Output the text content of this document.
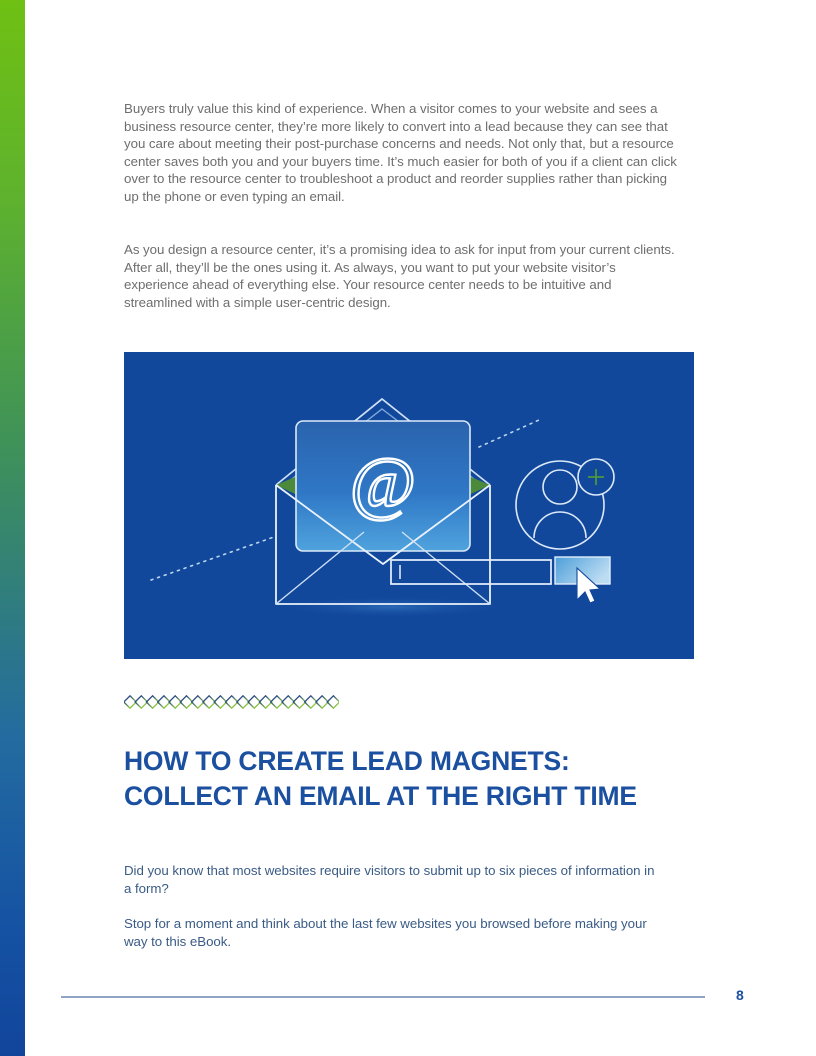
Buyers truly value this kind of experience. When a visitor comes to your website and sees a business resource center, they’re more likely to convert into a lead because they can see that you care about meeting their post-purchase concerns and needs. Not only that, but a resource center saves both you and your buyers time. It’s much easier for both of you if a client can click over to the resource center to troubleshoot a product and reorder supplies rather than picking up the phone or even typing an email.

As you design a resource center, it’s a promising idea to ask for input from your current clients. After all, they’ll be the ones using it. As always, you want to put your website visitor’s experience ahead of everything else. Your resource center needs to be intuitive and streamlined with a simple user-centric design.

@
HOW TO CREATE LEAD MAGNETS:
COLLECT AN EMAIL AT THE RIGHT TIME

Did you know that most websites require visitors to submit up to six pieces of information in a form?

Stop for a moment and think about the last few websites you browsed before making your way to this eBook.

8
